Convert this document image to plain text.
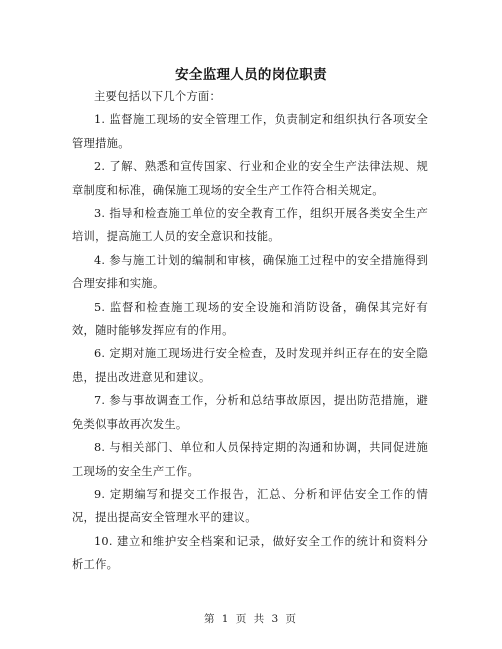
安全监理人员的岗位职责

主要包括以下几个方面：

1. 监督施工现场的安全管理工作，负责制定和组织执行各项安全管理措施。

2. 了解、熟悉和宣传国家、行业和企业的安全生产法律法规、规章制度和标准，确保施工现场的安全生产工作符合相关规定。

3. 指导和检查施工单位的安全教育工作，组织开展各类安全生产培训，提高施工人员的安全意识和技能。

4. 参与施工计划的编制和审核，确保施工过程中的安全措施得到合理安排和实施。

5. 监督和检查施工现场的安全设施和消防设备，确保其完好有效，随时能够发挥应有的作用。

6. 定期对施工现场进行安全检查，及时发现并纠正存在的安全隐患，提出改进意见和建议。

7. 参与事故调查工作，分析和总结事故原因，提出防范措施，避免类似事故再次发生。

8. 与相关部门、单位和人员保持定期的沟通和协调，共同促进施工现场的安全生产工作。

9. 定期编写和提交工作报告，汇总、分析和评估安全工作的情况，提出提高安全管理水平的建议。

10. 建立和维护安全档案和记录，做好安全工作的统计和资料分析工作。

第 1 页 共 3 页
